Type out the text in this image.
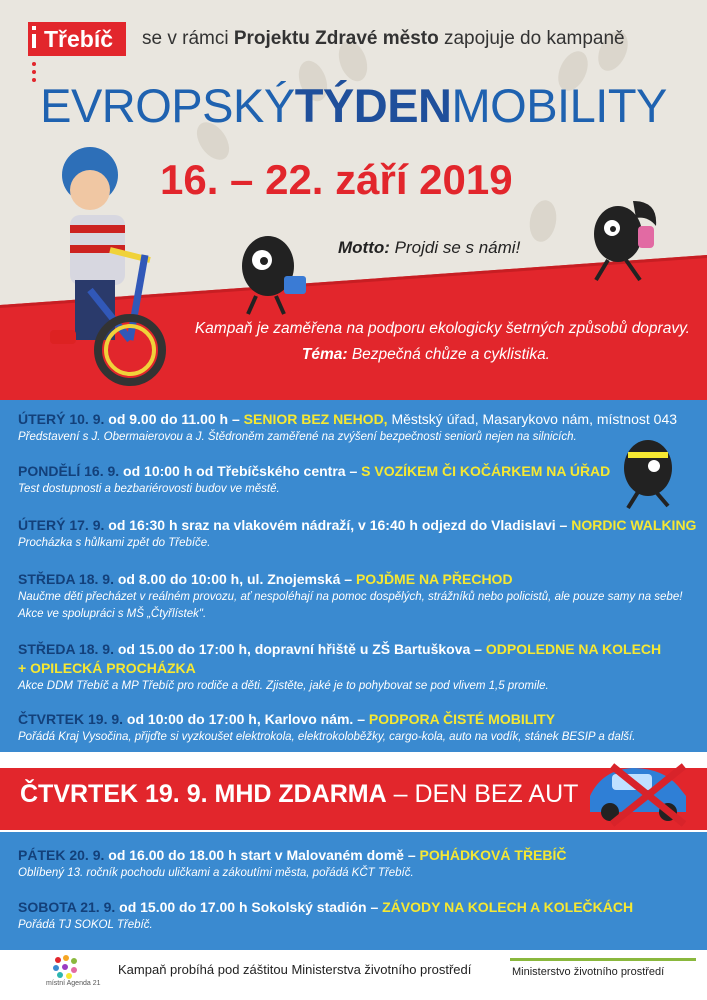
Třebíč se v rámci Projektu Zdravé město zapojuje do kampaně
EVROPSKÝTÝDENMOBILITY
16. – 22. září 2019
Motto: Projdi se s námi!
Kampaň je zaměřena na podporu ekologicky šetrných způsobů dopravy.
Téma: Bezpečná chůze a cyklistika.
ÚTERÝ 10. 9. od 9.00 do 11.00 h – SENIOR BEZ NEHOD, Městský úřad, Masarykovo nám, místnost 043
Představení s J. Obermaierovou a J. Štědroněm zaměřené na zvýšení bezpečnosti seniorů nejen na silnicích.
PONDĚLÍ 16. 9. od 10:00 h od Třebíčského centra – S VOZÍKEM ČI KOČÁRKEM NA ÚŘAD
Test dostupnosti a bezbariérovosti budov ve městě.
ÚTERÝ 17. 9. od 16:30 h sraz na vlakovém nádraží, v 16:40 h odjezd do Vladislavi – NORDIC WALKING
Procházka s hůlkami zpět do Třebíče.
STŘEDA 18. 9. od 8.00 do 10:00 h, ul. Znojemská – POJĎME NA PŘECHOD
Naučme děti přecházet v reálném provozu, ať nespoléhají na pomoc dospělých, strážníků nebo policistů, ale pouze samy na sebe!
Akce ve spolupráci s MŠ „Čtyřlístek".
STŘEDA 18. 9. od 15.00 do 17:00 h, dopravní hřiště u ZŠ Bartuškova – ODPOLEDNE NA KOLECH
+ OPILECKÁ PROCHÁZKA
Akce DDM Třebíč a MP Třebíč pro rodiče a děti. Zjistěte, jaké je to pohybovat se pod vlivem 1,5 promile.
ČTVRTEK 19. 9. od 10:00 do 17:00 h, Karlovo nám. – PODPORA ČISTÉ MOBILITY
Pořádá Kraj Vysočina, přijďte si vyzkoušet elektrokola, elektrokoloběžky, cargo-kola, auto na vodík, stánek BESIP a další.
ČTVRTEK 19. 9. MHD ZDARMA – DEN BEZ AUT
PÁTEK 20. 9. od 16.00 do 18.00 h start v Malovaném domě – POHÁDKOVÁ TŘEBÍČ
Oblíbený 13. ročník pochodu uličkami a zákoutími města, pořádá KČT Třebíč.
SOBOTA 21. 9. od 15.00 do 17.00 h Sokolský stadión – ZÁVODY NA KOLECH A KOLEČKÁCH
Pořádá TJ SOKOL Třebíč.
místní Agenda 21
Kampaň probíhá pod záštitou Ministerstva životního prostředí	Ministerstvo životního prostředí
